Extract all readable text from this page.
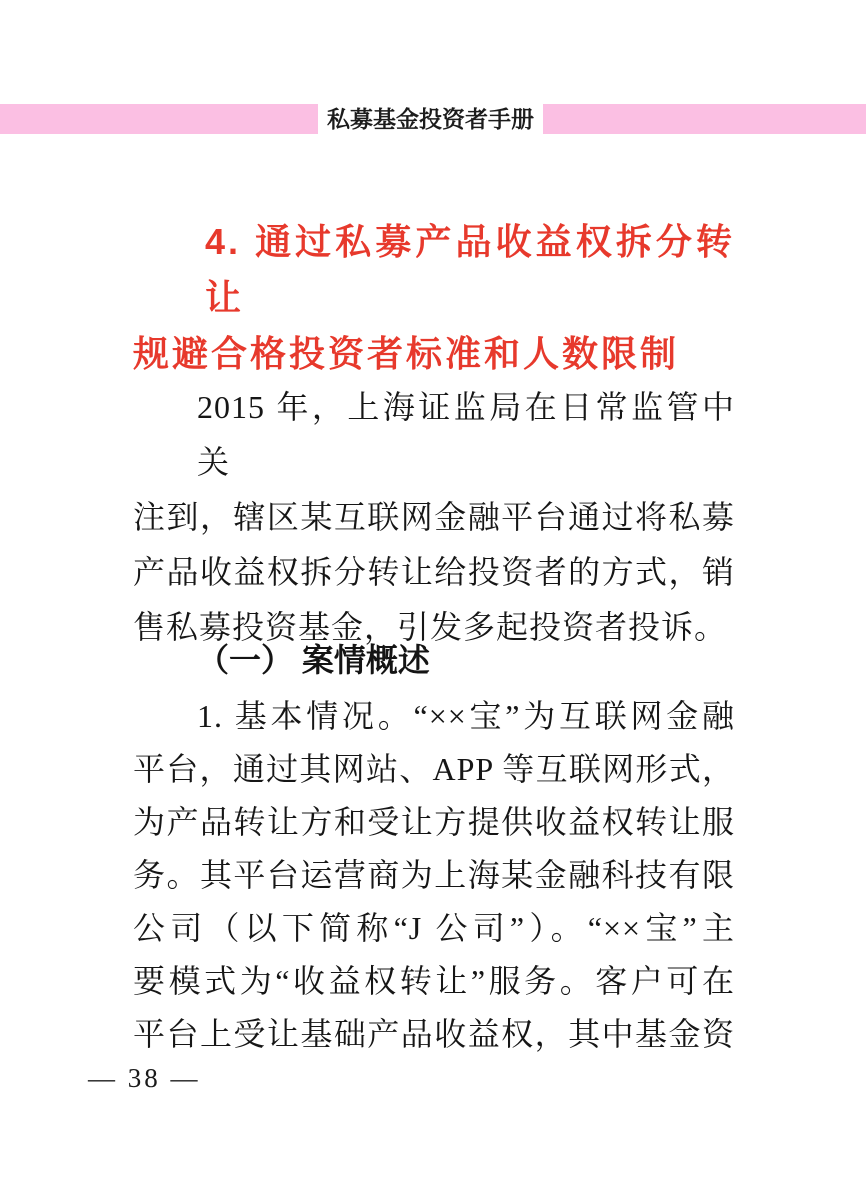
私募基金投资者手册
4. 通过私募产品收益权拆分转让
规避合格投资者标准和人数限制
2015 年，上海证监局在日常监管中关
注到，辖区某互联网金融平台通过将私募
产品收益权拆分转让给投资者的方式，销
售私募投资基金，引发多起投资者投诉。
（一） 案情概述
1. 基本情况。“××宝”为互联网金融
平台，通过其网站、APP 等互联网形式，
为产品转让方和受让方提供收益权转让服
务。其平台运营商为上海某金融科技有限
公司（以下简称“J 公司”）。“××宝”主
要模式为“收益权转让”服务。客户可在
平台上受让基础产品收益权，其中基金资
— 38 —
